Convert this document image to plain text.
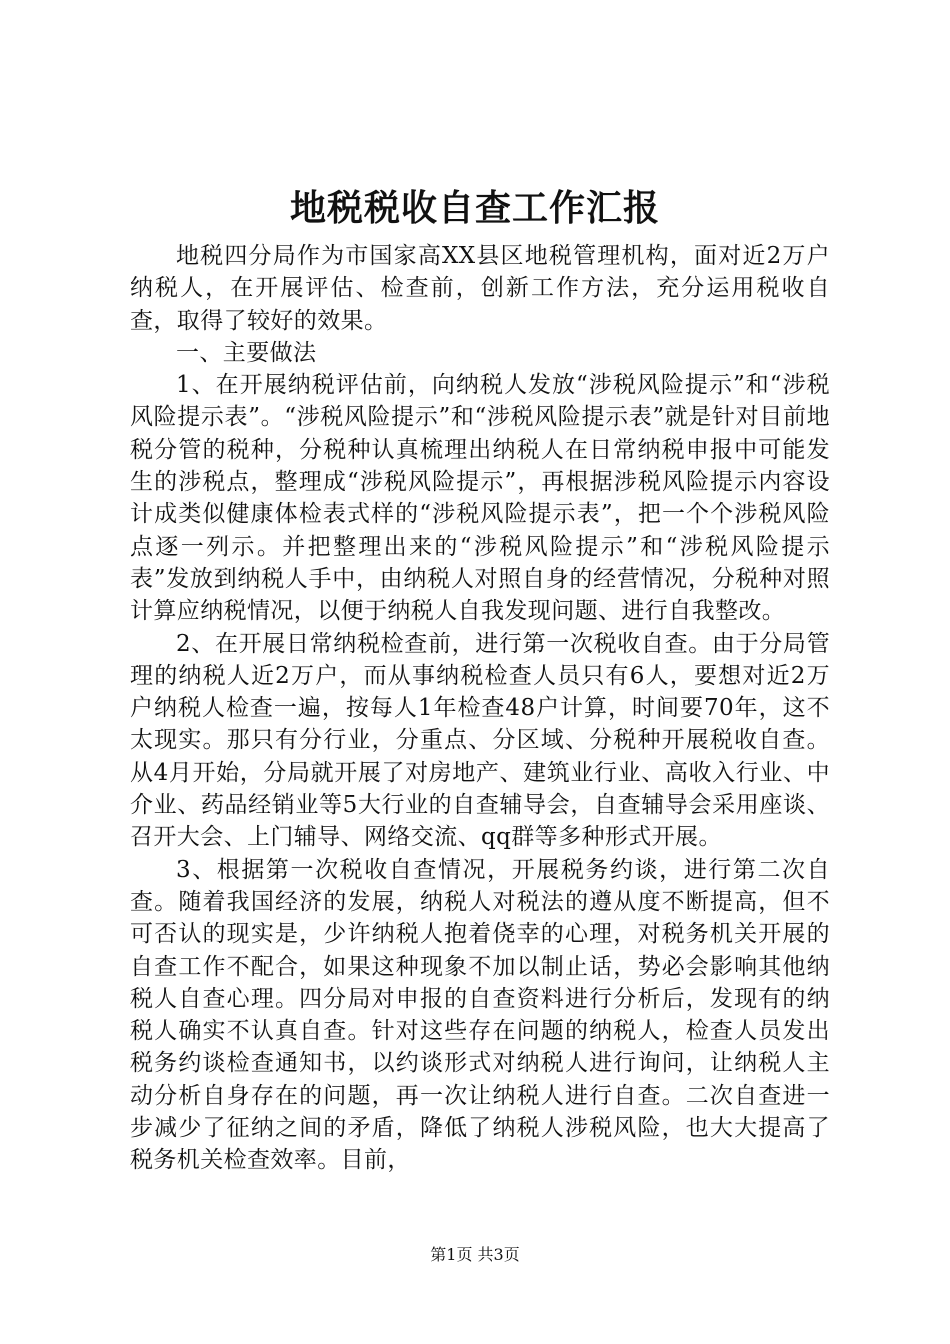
地税税收自查工作汇报

地税四分局作为市国家高XX县区地税管理机构，面对近2万户纳税人，在开展评估、检查前，创新工作方法，充分运用税收自查，取得了较好的效果。

一、主要做法

1、在开展纳税评估前，向纳税人发放“涉税风险提示”和“涉税风险提示表”。“涉税风险提示”和“涉税风险提示表”就是针对目前地税分管的税种，分税种认真梳理出纳税人在日常纳税申报中可能发生的涉税点，整理成“涉税风险提示”，再根据涉税风险提示内容设计成类似健康体检表式样的“涉税风险提示表”，把一个个涉税风险点逐一列示。并把整理出来的“涉税风险提示”和“涉税风险提示表”发放到纳税人手中，由纳税人对照自身的经营情况，分税种对照计算应纳税情况，以便于纳税人自我发现问题、进行自我整改。

2、在开展日常纳税检查前，进行第一次税收自查。由于分局管理的纳税人近2万户，而从事纳税检查人员只有6人，要想对近2万户纳税人检查一遍，按每人1年检查48户计算，时间要70年，这不太现实。那只有分行业，分重点、分区域、分税种开展税收自查。从4月开始，分局就开展了对房地产、建筑业行业、高收入行业、中介业、药品经销业等5大行业的自查辅导会，自查辅导会采用座谈、召开大会、上门辅导、网络交流、qq群等多种形式开展。

3、根据第一次税收自查情况，开展税务约谈，进行第二次自查。随着我国经济的发展，纳税人对税法的遵从度不断提高，但不可否认的现实是，少许纳税人抱着侥幸的心理，对税务机关开展的自查工作不配合，如果这种现象不加以制止话，势必会影响其他纳税人自查心理。四分局对申报的自查资料进行分析后，发现有的纳税人确实不认真自查。针对这些存在问题的纳税人，检查人员发出税务约谈检查通知书，以约谈形式对纳税人进行询问，让纳税人主动分析自身存在的问题，再一次让纳税人进行自查。二次自查进一步减少了征纳之间的矛盾，降低了纳税人涉税风险，也大大提高了税务机关检查效率。目前，

第1页 共3页
